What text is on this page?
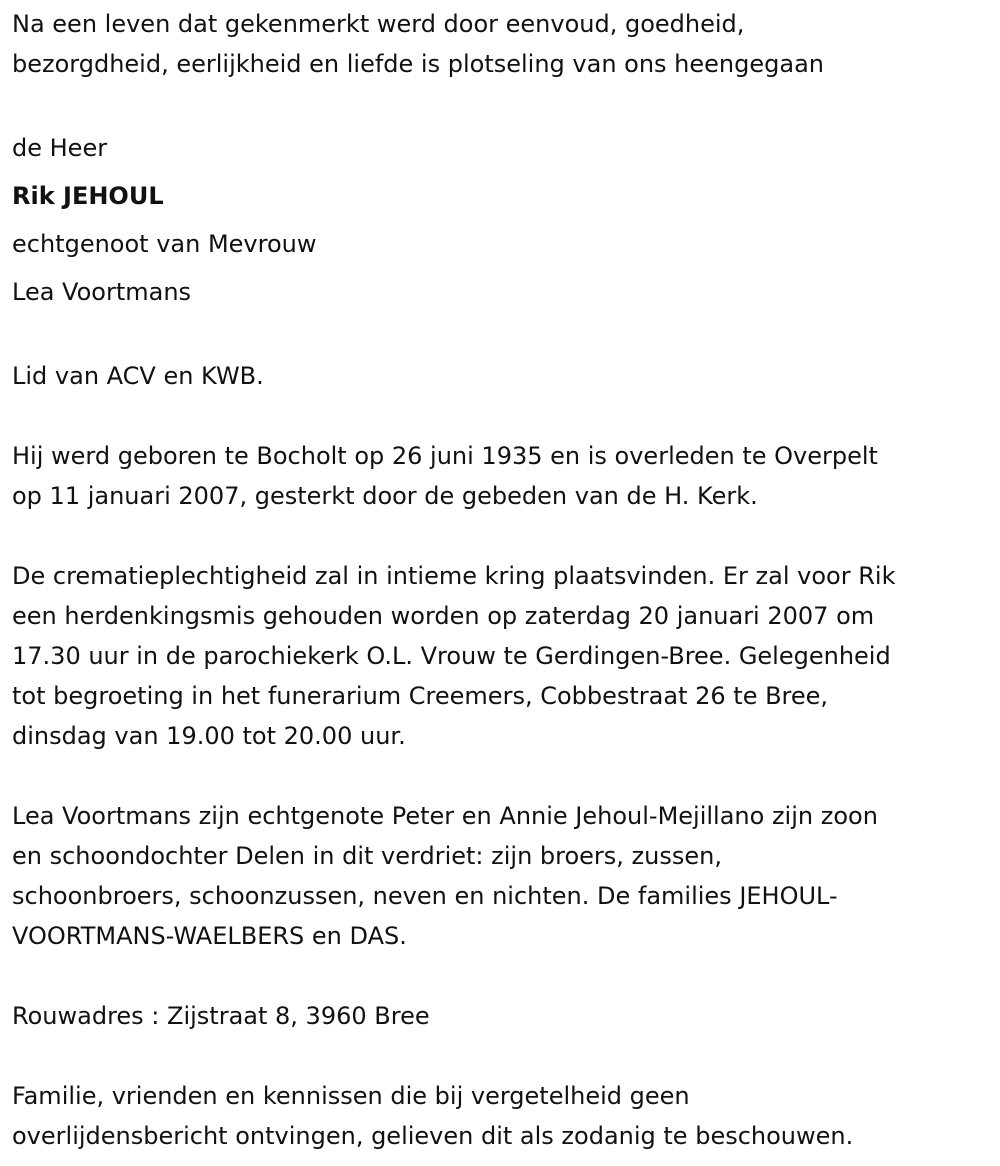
Na een leven dat gekenmerkt werd door eenvoud, goedheid,

bezorgdheid, eerlijkheid en liefde is plotseling van ons heengegaan

de Heer

Rik JEHOUL

echtgenoot van Mevrouw

Lea Voortmans

Lid van ACV en KWB.

Hij werd geboren te Bocholt op 26 juni 1935 en is overleden te Overpelt

op 11 januari 2007, gesterkt door de gebeden van de H. Kerk.

De crematieplechtigheid zal in intieme kring plaatsvinden. Er zal voor Rik

een herdenkingsmis gehouden worden op zaterdag 20 januari 2007 om

17.30 uur in de parochiekerk O.L. Vrouw te Gerdingen-Bree. Gelegenheid

tot begroeting in het funerarium Creemers, Cobbestraat 26 te Bree,

dinsdag van 19.00 tot 20.00 uur.

Lea Voortmans zijn echtgenote Peter en Annie Jehoul-Mejillano zijn zoon

en schoondochter Delen in dit verdriet: zijn broers, zussen,

schoonbroers, schoonzussen, neven en nichten. De families JEHOUL-

VOORTMANS-WAELBERS en DAS.

Rouwadres : Zijstraat 8, 3960 Bree

Familie, vrienden en kennissen die bij vergetelheid geen

overlijdensbericht ontvingen, gelieven dit als zodanig te beschouwen.
